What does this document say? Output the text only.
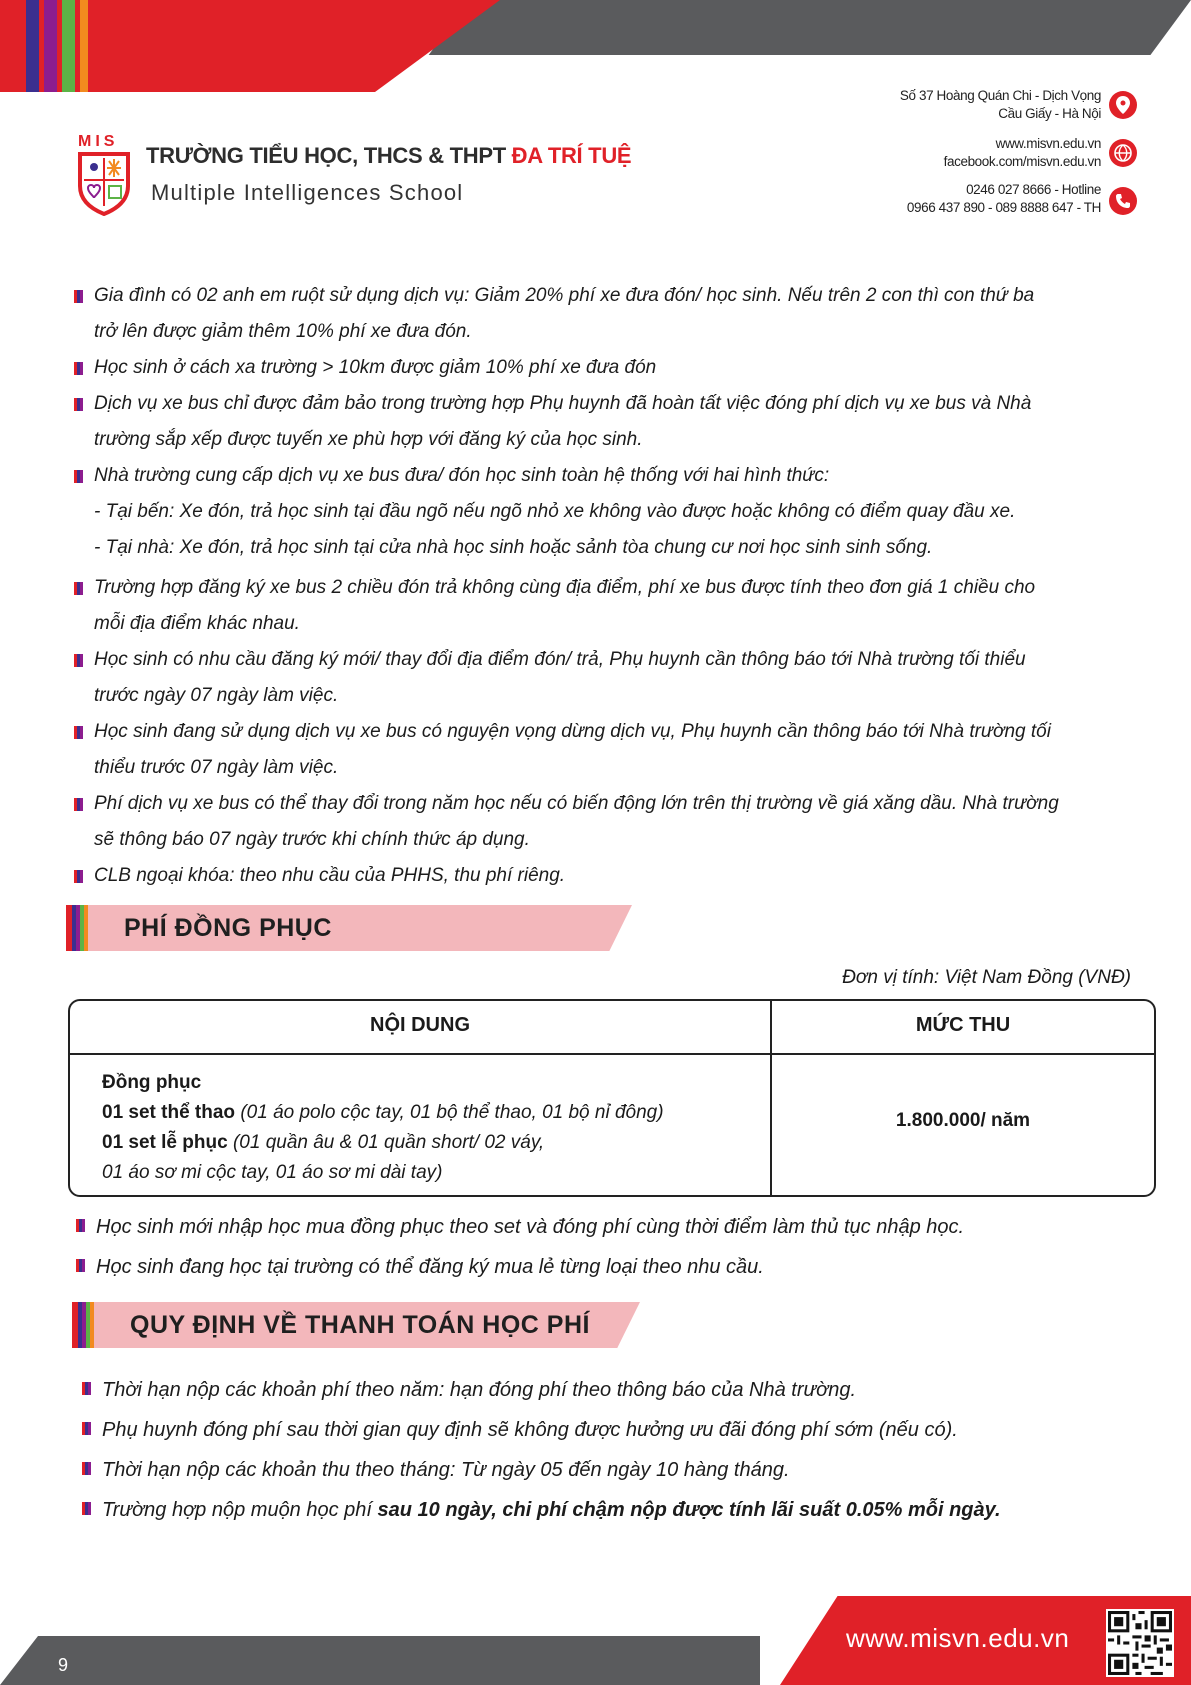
MIS
TRƯỜNG TIỂU HỌC, THCS & THPT ĐA TRÍ TUỆ
Multiple Intelligences School
Số 37 Hoàng Quán Chi - Dịch Vọng
Cầu Giấy - Hà Nội
www.misvn.edu.vn
facebook.com/misvn.edu.vn
0246 027 8666 - Hotline
0966 437 890 - 089 8888 647 - TH
Gia đình có 02 anh em ruột sử dụng dịch vụ: Giảm 20% phí xe đưa đón/ học sinh. Nếu trên 2 con thì con thứ ba
trở lên được giảm thêm 10% phí xe đưa đón.
Học sinh ở cách xa trường > 10km được giảm 10% phí xe đưa đón
Dịch vụ xe bus chỉ được đảm bảo trong trường hợp Phụ huynh đã hoàn tất việc đóng phí dịch vụ xe bus và Nhà
trường sắp xếp được tuyến xe phù hợp với đăng ký của học sinh.
Nhà trường cung cấp dịch vụ xe bus đưa/ đón học sinh toàn hệ thống với hai hình thức:
- Tại bến: Xe đón, trả học sinh tại đầu ngõ nếu ngõ nhỏ xe không vào được hoặc không có điểm quay đầu xe.
- Tại nhà: Xe đón, trả học sinh tại cửa nhà học sinh hoặc sảnh tòa chung cư nơi học sinh sinh sống.
Trường hợp đăng ký xe bus 2 chiều đón trả không cùng địa điểm, phí xe bus được tính theo đơn giá 1 chiều cho
mỗi địa điểm khác nhau.
Học sinh có nhu cầu đăng ký mới/ thay đổi địa điểm đón/ trả, Phụ huynh cần thông báo tới Nhà trường tối thiểu
trước ngày 07 ngày làm việc.
Học sinh đang sử dụng dịch vụ xe bus có nguyện vọng dừng dịch vụ, Phụ huynh cần thông báo tới Nhà trường tối
thiểu trước 07 ngày làm việc.
Phí dịch vụ xe bus có thể thay đổi trong năm học nếu có biến động lớn trên thị trường về giá xăng dầu. Nhà trường
sẽ thông báo 07 ngày trước khi chính thức áp dụng.
CLB ngoại khóa: theo nhu cầu của PHHS, thu phí riêng.
PHÍ ĐỒNG PHỤC
Đơn vị tính: Việt Nam Đồng (VNĐ)
NỘI DUNG	MỨC THU
Đồng phục
01 set thể thao (01 áo polo cộc tay, 01 bộ thể thao, 01 bộ nỉ đông)
01 set lễ phục (01 quần âu & 01 quần short/ 02 váy,
01 áo sơ mi cộc tay, 01 áo sơ mi dài tay)
1.800.000/ năm
Học sinh mới nhập học mua đồng phục theo set và đóng phí cùng thời điểm làm thủ tục nhập học.
Học sinh đang học tại trường có thể đăng ký mua lẻ từng loại theo nhu cầu.
QUY ĐỊNH VỀ THANH TOÁN HỌC PHÍ
Thời hạn nộp các khoản phí theo năm: hạn đóng phí theo thông báo của Nhà trường.
Phụ huynh đóng phí sau thời gian quy định sẽ không được hưởng ưu đãi đóng phí sớm (nếu có).
Thời hạn nộp các khoản thu theo tháng: Từ ngày 05 đến ngày 10 hàng tháng.
Trường hợp nộp muộn học phí sau 10 ngày, chi phí chậm nộp được tính lãi suất 0.05% mỗi ngày.
9
www.misvn.edu.vn
